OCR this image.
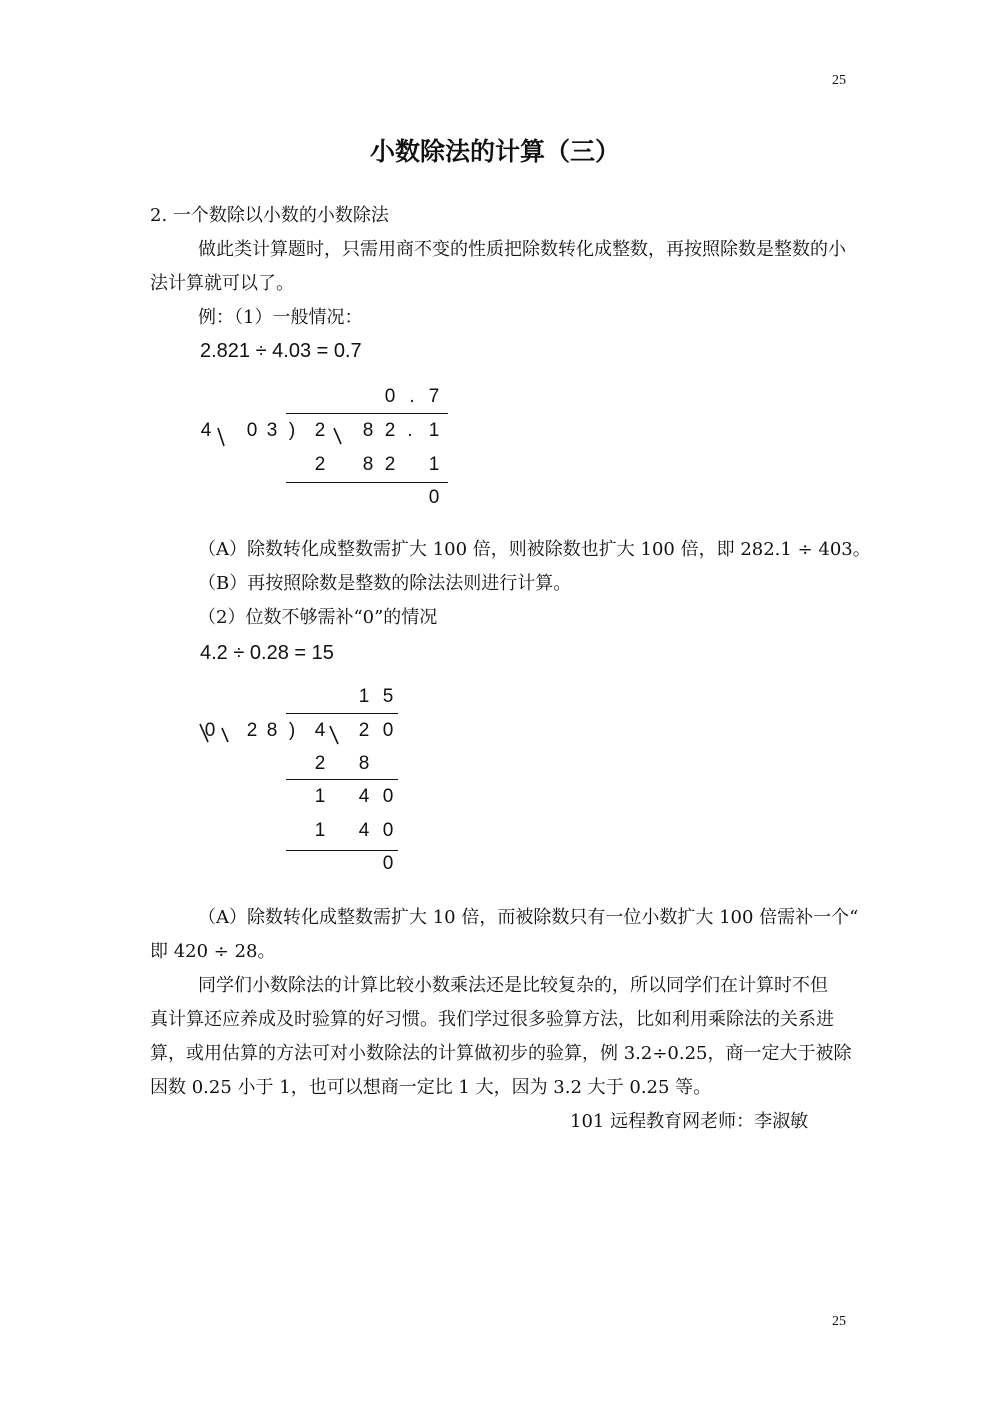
25
25
小数除法的计算（三）
2. 一个数除以小数的小数除法
做此类计算题时，只需用商不变的性质把除数转化成整数，再按照除数是整数的小
法计算就可以了。
例：（1）一般情况：
2.821 ÷ 4.03 = 0.7
0 . 7
4	0 3 )	2	8 2 . 1
2	8 2	1
0
（A）除数转化成整数需扩大 100 倍，则被除数也扩大 100 倍，即 282.1 ÷ 403。
（B）再按照除数是整数的除法法则进行计算。
（2）位数不够需补“0”的情况
4.2 ÷ 0.28 = 15
1 5
0	2 8 )	4	2 0
2	8
1	4 0
1	4 0
0
（A）除数转化成整数需扩大 10 倍，而被除数只有一位小数扩大 100 倍需补一个“
即 420 ÷ 28。
同学们小数除法的计算比较小数乘法还是比较复杂的，所以同学们在计算时不但
真计算还应养成及时验算的好习惯。我们学过很多验算方法，比如利用乘除法的关系进
算，或用估算的方法可对小数除法的计算做初步的验算，例 3.2÷0.25，商一定大于被除
因数 0.25 小于 1，也可以想商一定比 1 大，因为 3.2 大于 0.25 等。
101 远程教育网老师：李淑敏
